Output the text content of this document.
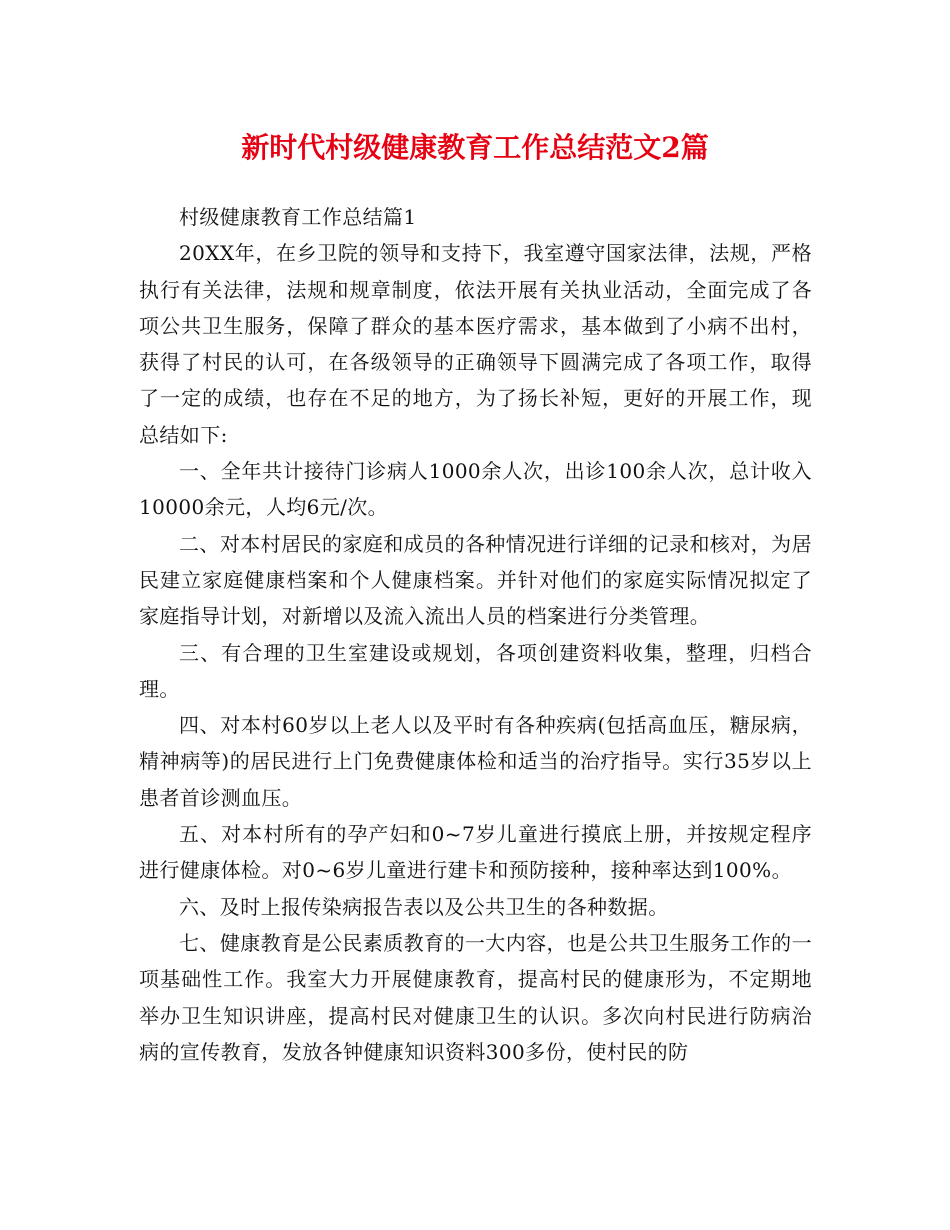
新时代村级健康教育工作总结范文2篇

村级健康教育工作总结篇1

20XX年，在乡卫院的领导和支持下，我室遵守国家法律，法规，严格执行有关法律，法规和规章制度，依法开展有关执业活动，全面完成了各项公共卫生服务，保障了群众的基本医疗需求，基本做到了小病不出村，获得了村民的认可，在各级领导的正确领导下圆满完成了各项工作，取得了一定的成绩，也存在不足的地方，为了扬长补短，更好的开展工作，现总结如下:

一、全年共计接待门诊病人1000余人次，出诊100余人次，总计收入10000余元，人均6元/次。

二、对本村居民的家庭和成员的各种情况进行详细的记录和核对，为居民建立家庭健康档案和个人健康档案。并针对他们的家庭实际情况拟定了家庭指导计划，对新增以及流入流出人员的档案进行分类管理。

三、有合理的卫生室建设或规划，各项创建资料收集，整理，归档合理。

四、对本村60岁以上老人以及平时有各种疾病(包括高血压，糖尿病，精神病等)的居民进行上门免费健康体检和适当的治疗指导。实行35岁以上患者首诊测血压。

五、对本村所有的孕产妇和0~7岁儿童进行摸底上册，并按规定程序进行健康体检。对0~6岁儿童进行建卡和预防接种，接种率达到100%。

六、及时上报传染病报告表以及公共卫生的各种数据。

七、健康教育是公民素质教育的一大内容，也是公共卫生服务工作的一项基础性工作。我室大力开展健康教育，提高村民的健康形为，不定期地举办卫生知识讲座，提高村民对健康卫生的认识。多次向村民进行防病治病的宣传教育，发放各钟健康知识资料300多份，使村民的防
